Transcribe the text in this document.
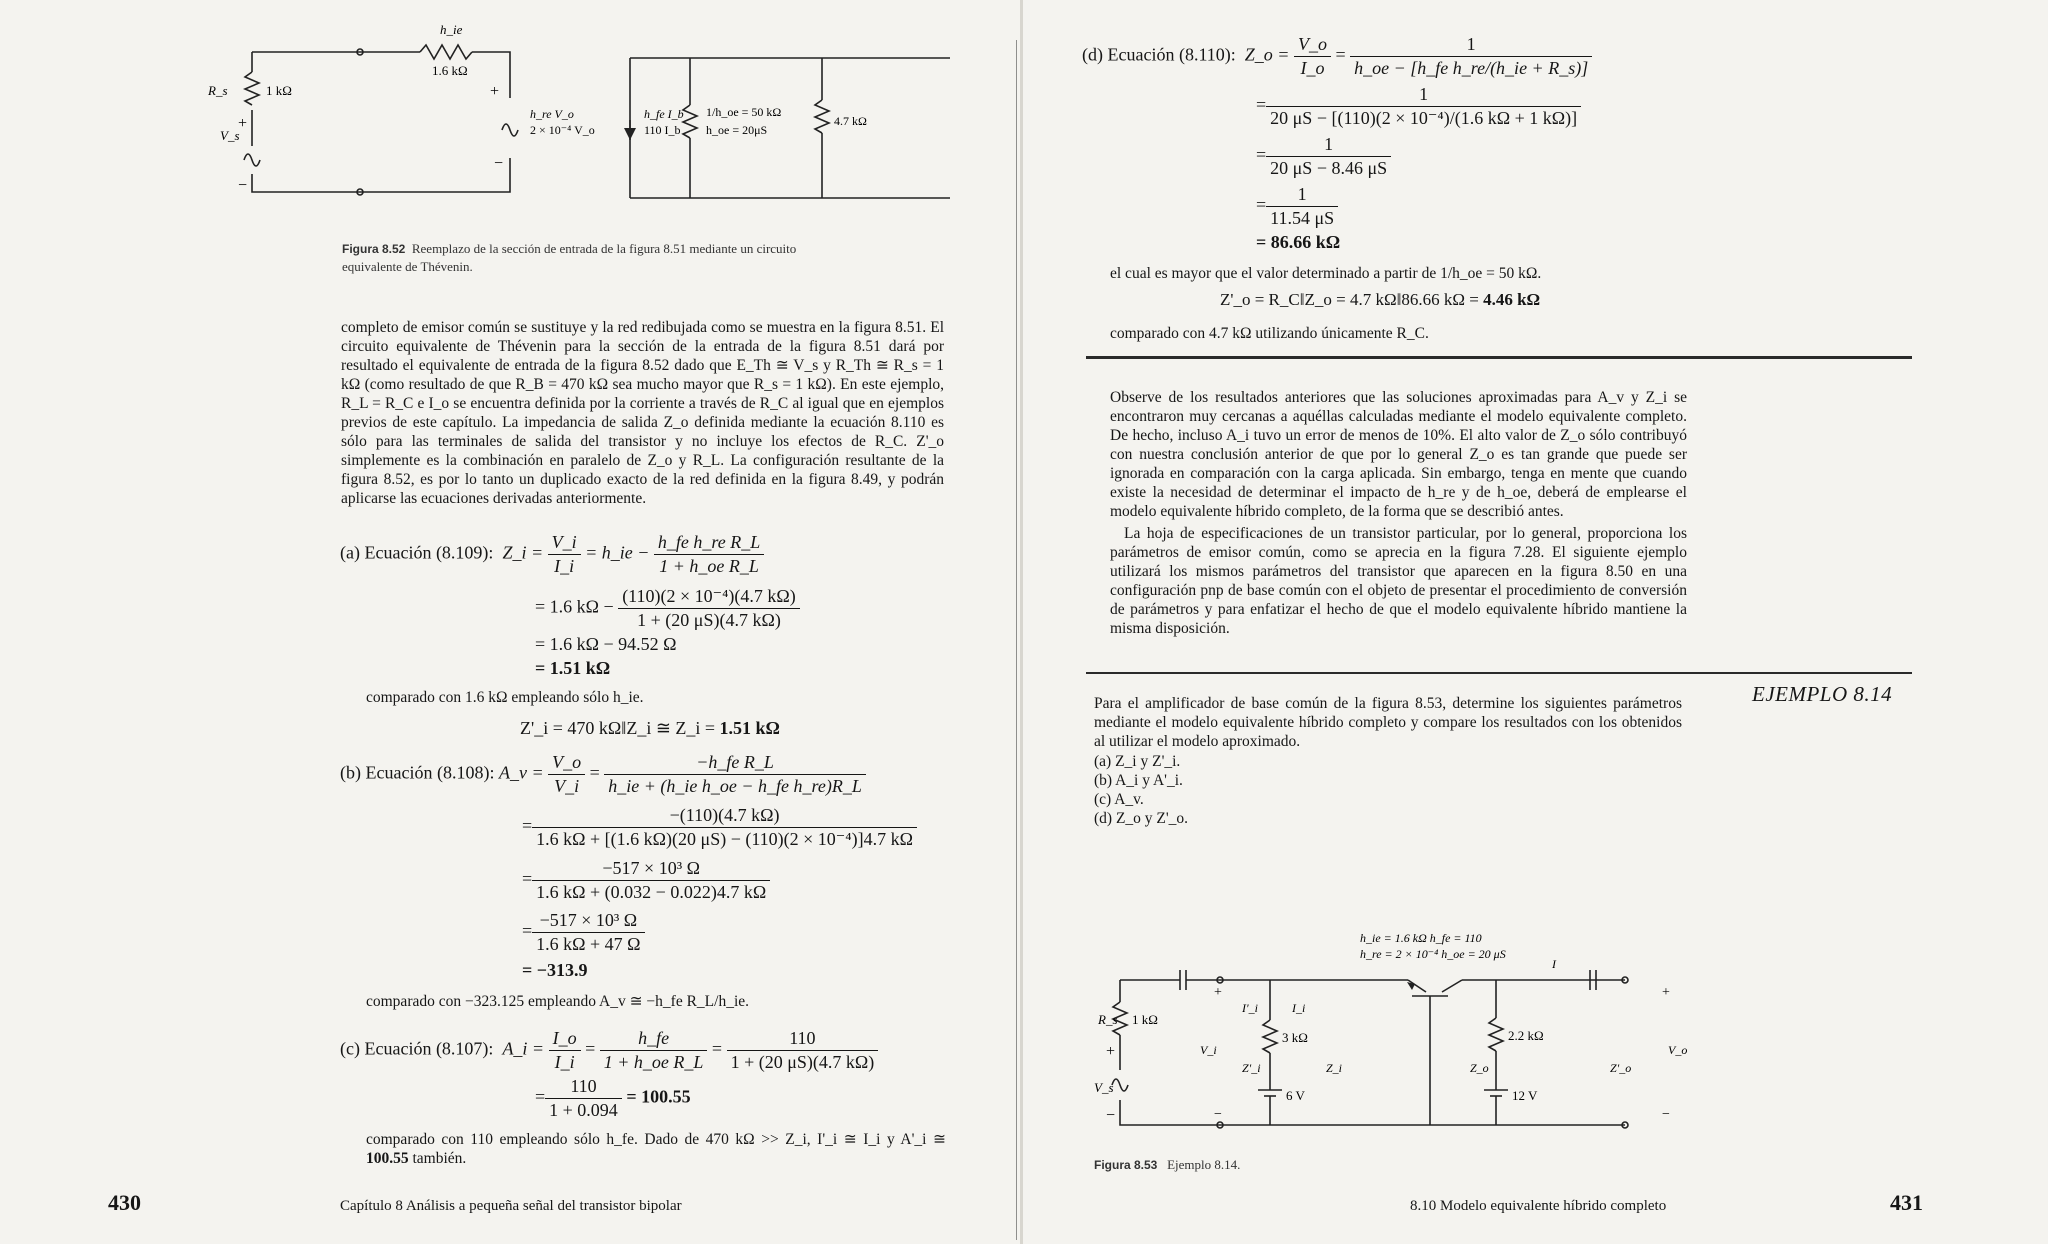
h_ie
1.6 kΩ
R_s	1 kΩ
V_s
+
−
+
−
h_re V_o
2 × 10⁻⁴ V_o
h_fe I_b
110 I_b
1/h_oe = 50 kΩ
h_oe = 20μS
4.7 kΩ
Figura 8.52 Reemplazo de la sección de entrada de la figura 8.51 mediante un circuito equivalente de Thévenin.
completo de emisor común se sustituye y la red redibujada como se muestra en la figura 8.51. El circuito equivalente de Thévenin para la sección de la entrada de la figura 8.51 dará por resultado el equivalente de entrada de la figura 8.52 dado que E_Th ≅ V_s y R_Th ≅ R_s = 1 kΩ (como resultado de que R_B = 470 kΩ sea mucho mayor que R_s = 1 kΩ). En este ejemplo, R_L = R_C e I_o se encuentra definida por la corriente a través de R_C al igual que en ejemplos previos de este capítulo. La impedancia de salida Z_o definida mediante la ecuación 8.110 es sólo para las terminales de salida del transistor y no incluye los efectos de R_C. Z'_o simplemente es la combinación en paralelo de Z_o y R_L. La configuración resultante de la figura 8.52, es por lo tanto un duplicado exacto de la red definida en la figura 8.49, y podrán aplicarse las ecuaciones derivadas anteriormente.
(a) Ecuación (8.109): Z_i = $\frac{V\_i}{I\_i}$ = h_ie − $\frac{\text{h\_fe h\_re R\_L}}{\text{1 + h\_oe R\_L}}$
= 1.6 $k\Omega - \frac{\text{(110)(2 × 10⁻⁴)(4.7 kΩ)}}{1 + (20 \mu S)(4.7 k\Omega)}$
= 1.6 kΩ − 94.52 Ω
= 1.51 kΩ
comparado con 1.6 kΩ empleando sólo h_ie.
Z'_i = 470 kΩ‖Z_i ≅ Z_i = 1.51 kΩ
(b) Ecuación (8.108): A_v = $\frac{V\_o}{V\_i} = \frac{\text{−h\_fe R\_L}}{\text{h\_ie + (h\_ie h\_oe − h\_fe h\_re)R\_L}}$
= $\frac{-(110)(4.7 k\Omega)}{\text{1.6 kΩ + [(1.6 kΩ)(20 μS) − (110)(2 × 10⁻⁴)]4.7 kΩ}}$
= $\frac{\text{−517 × 10³ Ω}}{1.6 k\Omega + (0.032 - 0.022)4.7 k\Omega}$
= $\frac{\text{−517 × 10³ Ω}}{1.6 k\Omega + 47 \Omega}$
= −313.9
comparado con −323.125 empleando A_v ≅ −h_fe R_L/h_ie.
(c) Ecuación (8.107): A_i = $\frac{I\_o}{I\_i} = \frac{h\_fe}{\text{1 + h\_oe R\_L}} = \frac{110}{1 + (20 \mu S)(4.7 k\Omega)}$
= $\frac{110}{1 + 0.094} = 100.55$
comparado con 110 empleando sólo h_fe. Dado de 470 kΩ >> Z_i, I'_i ≅ I_i y A'_i ≅ 100.55 también.
430	Capítulo 8 Análisis a pequeña señal del transistor bipolar
(d) Ecuación (8.110): Z_o = $\frac{V\_o}{I\_o} = \frac{1}{\text{h\_oe − [h\_fe h\_re/(h\_ie + R\_s)]}}$
= $\frac{1}{\text{20 μS − [(110)(2 × 10⁻⁴)/(1.6 kΩ + 1 kΩ)]}}$
= $\frac{1}{20 \mu S - 8.46 \mu S}$
= $\frac{1}{11.54 \mu S}$
= 86.66 kΩ
el cual es mayor que el valor determinado a partir de 1/h_oe = 50 kΩ.
Z'_o = R_C‖Z_o = 4.7 kΩ‖86.66 kΩ = 4.46 kΩ
comparado con 4.7 kΩ utilizando únicamente R_C.
Observe de los resultados anteriores que las soluciones aproximadas para A_v y Z_i se encontraron muy cercanas a aquéllas calculadas mediante el modelo equivalente completo. De hecho, incluso A_i tuvo un error de menos de 10%. El alto valor de Z_o sólo contribuyó con nuestra conclusión anterior de que por lo general Z_o es tan grande que puede ser ignorada en comparación con la carga aplicada. Sin embargo, tenga en mente que cuando existe la necesidad de determinar el impacto de h_re y de h_oe, deberá de emplearse el modelo equivalente híbrido completo, de la forma que se describió antes.
La hoja de especificaciones de un transistor particular, por lo general, proporciona los parámetros de emisor común, como se aprecia en la figura 7.28. El siguiente ejemplo utilizará los mismos parámetros del transistor que aparecen en la figura 8.50 en una configuración pnp de base común con el objeto de presentar el procedimiento de conversión de parámetros y para enfatizar el hecho de que el modelo equivalente híbrido mantiene la misma disposición.
EJEMPLO 8.14
Para el amplificador de base común de la figura 8.53, determine los siguientes parámetros mediante el modelo equivalente híbrido completo y compare los resultados con los obtenidos al utilizar el modelo aproximado.
(a) Z_i y Z'_i.
(b) A_i y A'_i.
(c) A_v.
(d) Z_o y Z'_o.
h_ie = 1.6 kΩ h_fe = 110
h_re = 2 × 10⁻⁴ h_oe = 20 μS
R_s 1 kΩ
V_s
+
−
3 kΩ
6 V
2.2 kΩ
12 V
V_i	V_o
I'_i	I_i
Z'_i	Z_i	Z_o	Z'_o
I
+
−
+
−
Figura 8.53 Ejemplo 8.14.
8.10 Modelo equivalente híbrido completo	431
